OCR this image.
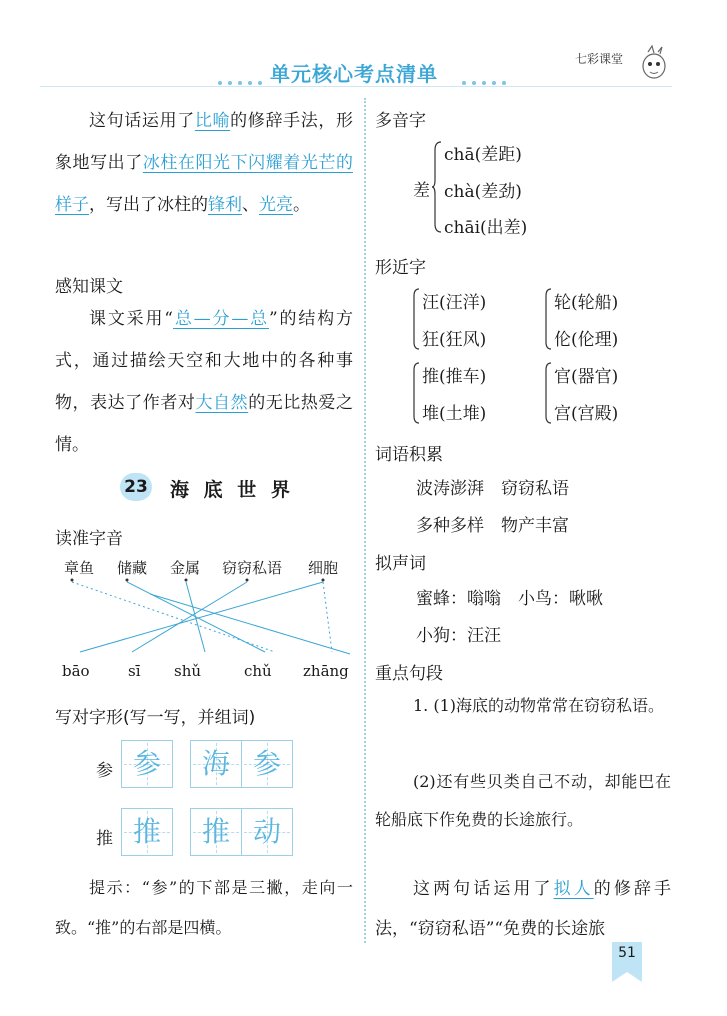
单元核心考点清单
七彩课堂
这句话运用了比喻的修辞手法，形象地写出了冰柱在阳光下闪耀着光芒的样子，写出了冰柱的锋利、光亮。
感知课文
课文采用“总—分—总”的结构方式，通过描绘天空和大地中的各种事物，表达了作者对大自然的无比热爱之情。
23 海 底 世 界
读准字音
章鱼 储藏 金属 窃窃私语 细胞
bāo	sī shǔ	chǔ zhāng
写对字形(写一写，并组词)
参 参	海 参
推 推	推 动
提示：“参”的下部是三撇，走向一致。“推”的右部是四横。
多音字
差
chā(差距)
chà(差劲)
chāi(出差)
形近字
汪(汪洋)
狂(狂风)
轮(轮船)
伦(伦理)
推(推车)
堆(土堆)
官(器官)
宫(宫殿)
词语积累
波涛澎湃　窃窃私语
多种多样　物产丰富
拟声词
蜜蜂：嗡嗡　小鸟：啾啾
小狗：汪汪
重点句段
1. (1)海底的动物常常在窃窃私语。
(2)还有些贝类自己不动，却能巴在轮船底下作免费的长途旅行。
这两句话运用了拟人的修辞手法，“窃窃私语”“免费的长途旅
51
